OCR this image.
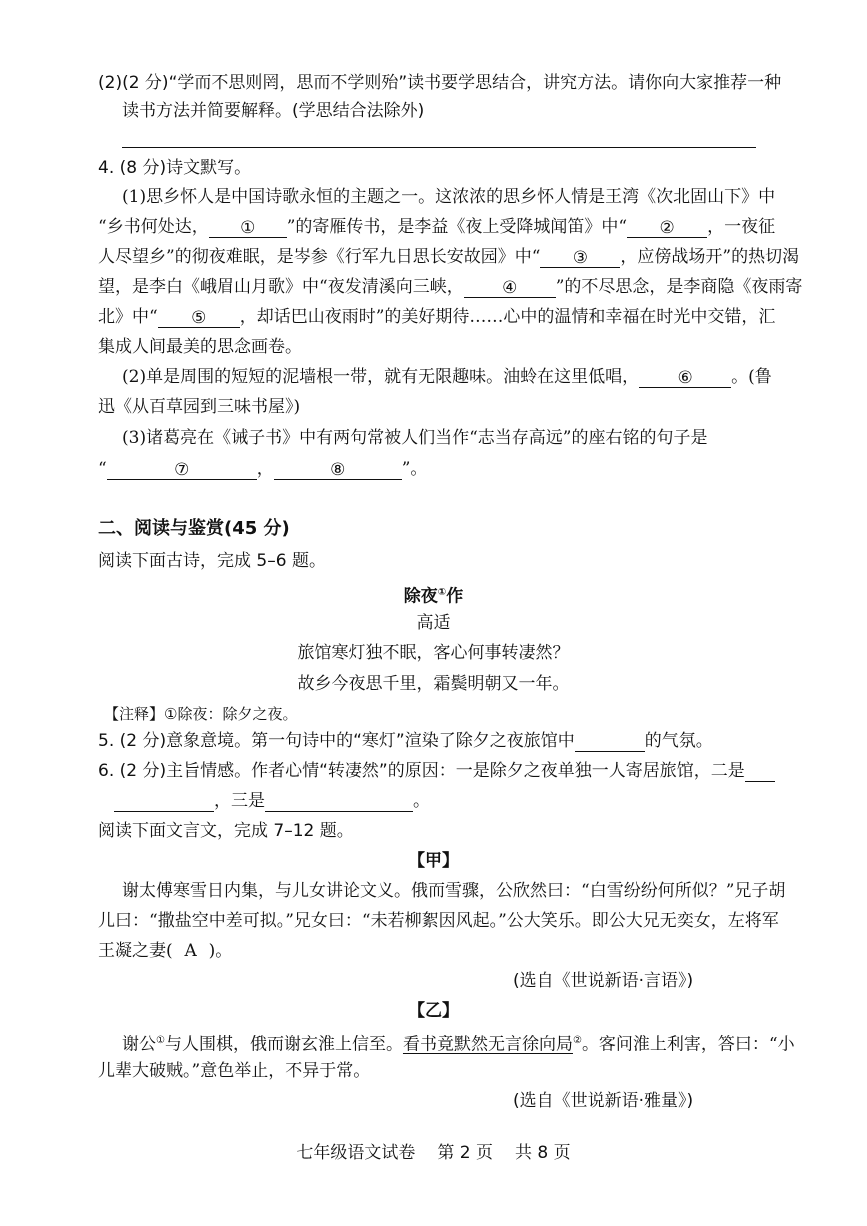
(2)(2 分)“学而不思则罔，思而不学则殆”读书要学思结合，讲究方法。请你向大家推荐一种
读书方法并简要解释。(学思结合法除外)
4. (8 分)诗文默写。
(1)思乡怀人是中国诗歌永恒的主题之一。这浓浓的思乡怀人情是王湾《次北固山下》中
“乡书何处达， ① ”的寄雁传书，是李益《夜上受降城闻笛》中“ ② ，一夜征
人尽望乡”的彻夜难眠，是岑参《行军九日思长安故园》中“ ③ ，应傍战场开”的热切渴
望，是李白《峨眉山月歌》中“夜发清溪向三峡， ④ ”的不尽思念，是李商隐《夜雨寄
北》中“ ⑤ ，却话巴山夜雨时”的美好期待……心中的温情和幸福在时光中交错，汇
集成人间最美的思念画卷。
(2)单是周围的短短的泥墙根一带，就有无限趣味。油蛉在这里低唱， ⑥ 。(鲁
迅《从百草园到三味书屋》)
(3)诸葛亮在《诫子书》中有两句常被人们当作“志当存高远”的座右铭的句子是
“	⑦	，	⑧	”。
二、阅读与鉴赏(45 分)
阅读下面古诗，完成 5–6 题。
除夜①作
高适
旅馆寒灯独不眠，客心何事转凄然？
故乡今夜思千里，霜鬓明朝又一年。
【注释】①除夜：除夕之夜。
5. (2 分)意象意境。第一句诗中的“寒灯”渲染了除夕之夜旅馆中	的气氛。
6. (2 分)主旨情感。作者心情“转凄然”的原因：一是除夕之夜单独一人寄居旅馆，二是
，三是	。
阅读下面文言文，完成 7–12 题。
【甲】
谢太傅寒雪日内集，与儿女讲论文义。俄而雪骤，公欣然曰：“白雪纷纷何所似？”兄子胡
儿曰：“撒盐空中差可拟。”兄女曰：“未若柳絮因风起。”公大笑乐。即公大兄无奕女，左将军
王凝之妻( A )。
(选自《世说新语·言语》)
【乙】
谢公①与人围棋，俄而谢玄淮上信至。看书竟默然无言徐向局②。客问淮上利害，答曰：“小
儿辈大破贼。”意色举止，不异于常。
(选自《世说新语·雅量》)
七年级语文试卷 第 2 页 共 8 页
